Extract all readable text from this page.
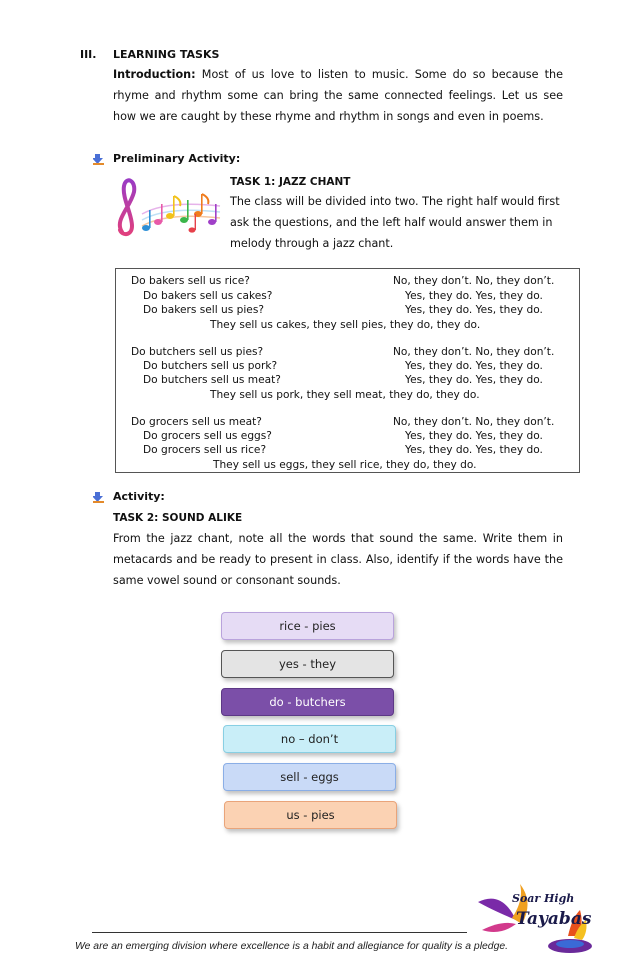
III. LEARNING TASKS
Introduction: Most of us love to listen to music. Some do so because the rhyme and rhythm some can bring the same connected feelings. Let us see how we are caught by these rhyme and rhythm in songs and even in poems.
Preliminary Activity:
TASK 1: JAZZ CHANT
The class will be divided into two. The right half would first
ask the questions, and the left half would answer them in
melody through a jazz chant.
Do bakers sell us rice?	No, they don’t. No, they don’t.
Do bakers sell us cakes?	Yes, they do. Yes, they do.
Do bakers sell us pies?	Yes, they do. Yes, they do.
They sell us cakes, they sell pies, they do, they do.
Do butchers sell us pies?	No, they don’t. No, they don’t.
Do butchers sell us pork?	Yes, they do. Yes, they do.
Do butchers sell us meat?	Yes, they do. Yes, they do.
They sell us pork, they sell meat, they do, they do.
Do grocers sell us meat?	No, they don’t. No, they don’t.
Do grocers sell us eggs?	Yes, they do. Yes, they do.
Do grocers sell us rice?	Yes, they do. Yes, they do.
They sell us eggs, they sell rice, they do, they do.
Activity:
TASK 2: SOUND ALIKE
From the jazz chant, note all the words that sound the same. Write them in metacards and be ready to present in class. Also, identify if the words have the same vowel sound or consonant sounds.
rice - pies
yes - they
do - butchers
no – don’t
sell - eggs
us - pies
Soar High
Tayabas
We are an emerging division where excellence is a habit and allegiance for quality is a pledge.
